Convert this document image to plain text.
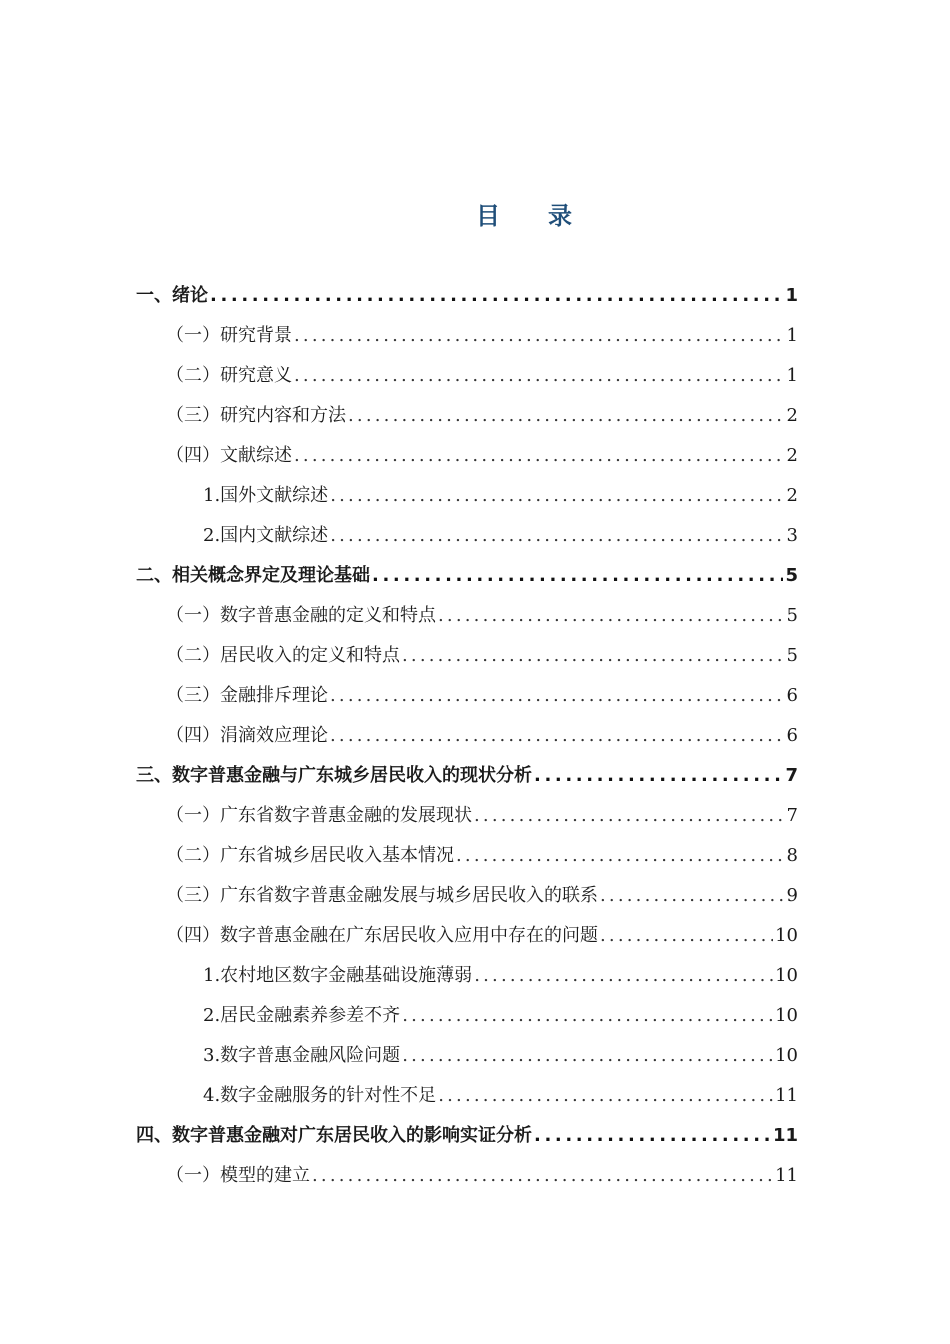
目 录
一、绪论 .....	1
（一）研究背景 .....	1
（二）研究意义 .....	1
（三）研究内容和方法 .....	2
（四）文献综述 .....	2
1.国外文献综述 .....	2
2.国内文献综述 .....	3
二、相关概念界定及理论基础 .....	5
（一）数字普惠金融的定义和特点 .....	5
（二）居民收入的定义和特点 .....	5
（三）金融排斥理论 .....	6
（四）涓滴效应理论 .....	6
三、数字普惠金融与广东城乡居民收入的现状分析 .....	7
（一）广东省数字普惠金融的发展现状 .....	7
（二）广东省城乡居民收入基本情况 .....	8
（三）广东省数字普惠金融发展与城乡居民收入的联系 .....	9
（四）数字普惠金融在广东居民收入应用中存在的问题 .....	10
1.农村地区数字金融基础设施薄弱 .....	10
2.居民金融素养参差不齐 .....	10
3.数字普惠金融风险问题 .....	10
4.数字金融服务的针对性不足 .....	11
四、数字普惠金融对广东居民收入的影响实证分析 .....	11
（一）模型的建立 .....	11
